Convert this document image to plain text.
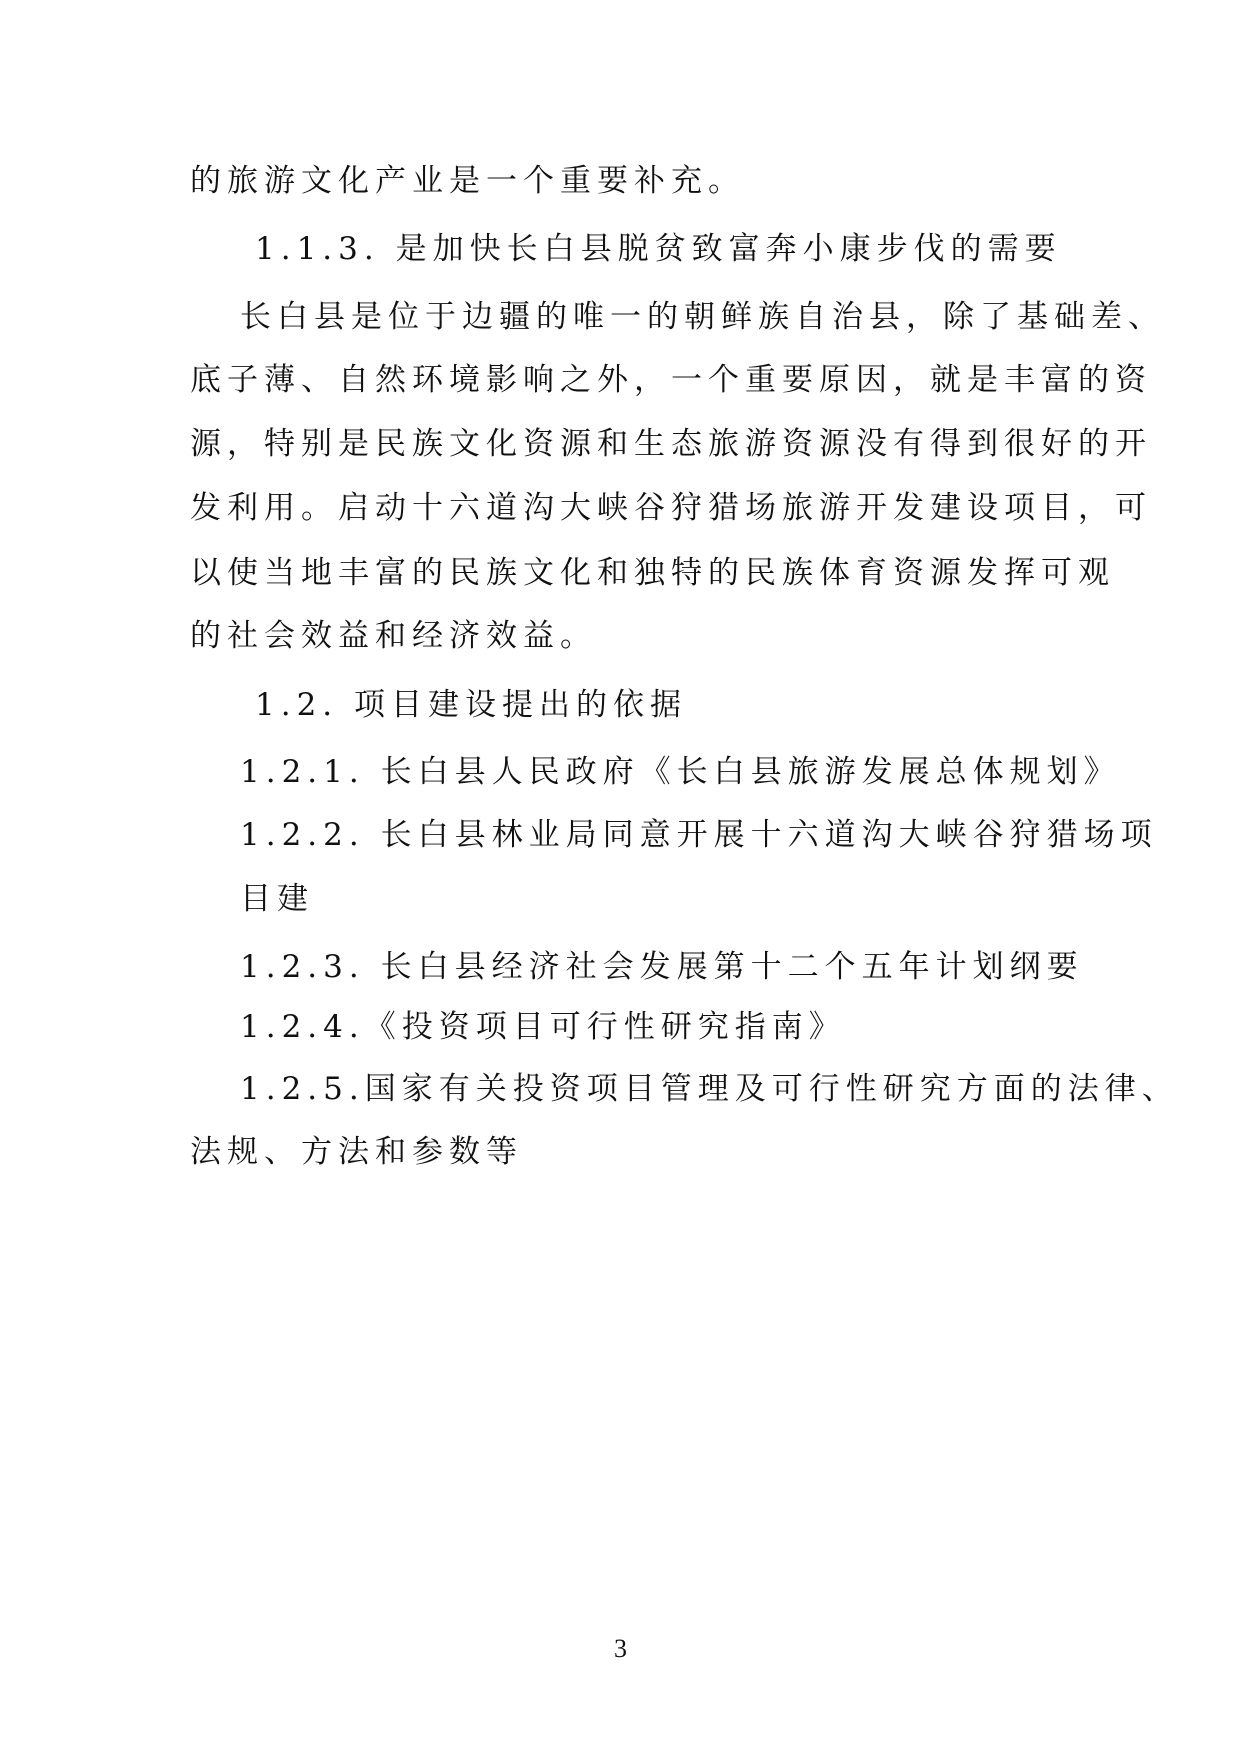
的旅游文化产业是一个重要补充。
1.1.3. 是加快长白县脱贫致富奔小康步伐的需要
长白县是位于边疆的唯一的朝鲜族自治县，除了基础差、
底子薄、自然环境影响之外，一个重要原因，就是丰富的资
源，特别是民族文化资源和生态旅游资源没有得到很好的开
发利用。启动十六道沟大峡谷狩猎场旅游开发建设项目，可
以使当地丰富的民族文化和独特的民族体育资源发挥可观
的社会效益和经济效益。
1.2. 项目建设提出的依据
1.2.1. 长白县人民政府《长白县旅游发展总体规划》
1.2.2. 长白县林业局同意开展十六道沟大峡谷狩猎场项
目建
1.2.3. 长白县经济社会发展第十二个五年计划纲要
1.2.4.《投资项目可行性研究指南》
1.2.5.国家有关投资项目管理及可行性研究方面的法律、
法规、方法和参数等
3
